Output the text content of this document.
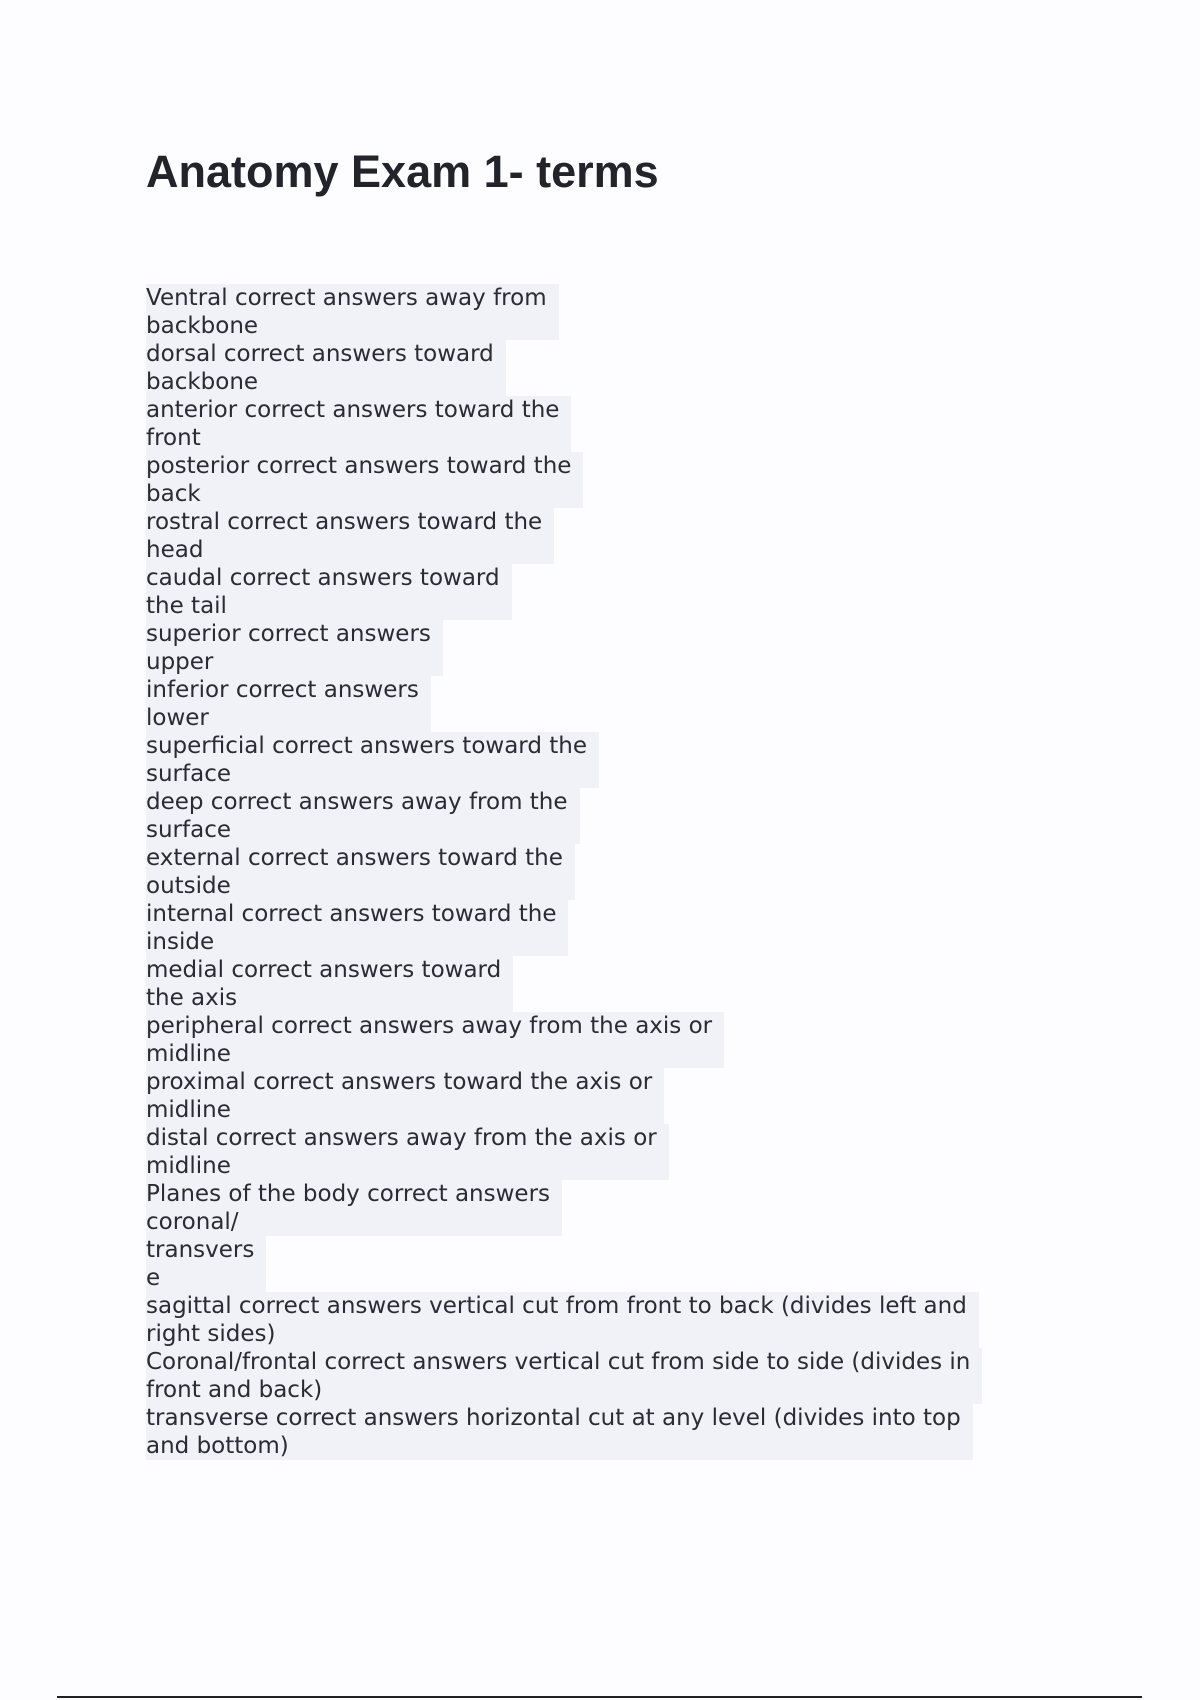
Anatomy Exam 1- terms
Ventral correct answers away from
backbone
dorsal correct answers toward
backbone
anterior correct answers toward the
front
posterior correct answers toward the
back
rostral correct answers toward the
head
caudal correct answers toward
the tail
superior correct answers
upper
inferior correct answers
lower
superficial correct answers toward the
surface
deep correct answers away from the
surface
external correct answers toward the
outside
internal correct answers toward the
inside
medial correct answers toward
the axis
peripheral correct answers away from the axis or
midline
proximal correct answers toward the axis or
midline
distal correct answers away from the axis or
midline
Planes of the body correct answers
coronal/
transvers
e
sagittal correct answers vertical cut from front to back (divides left and
right sides)
Coronal/frontal correct answers vertical cut from side to side (divides in
front and back)
transverse correct answers horizontal cut at any level (divides into top
and bottom)
